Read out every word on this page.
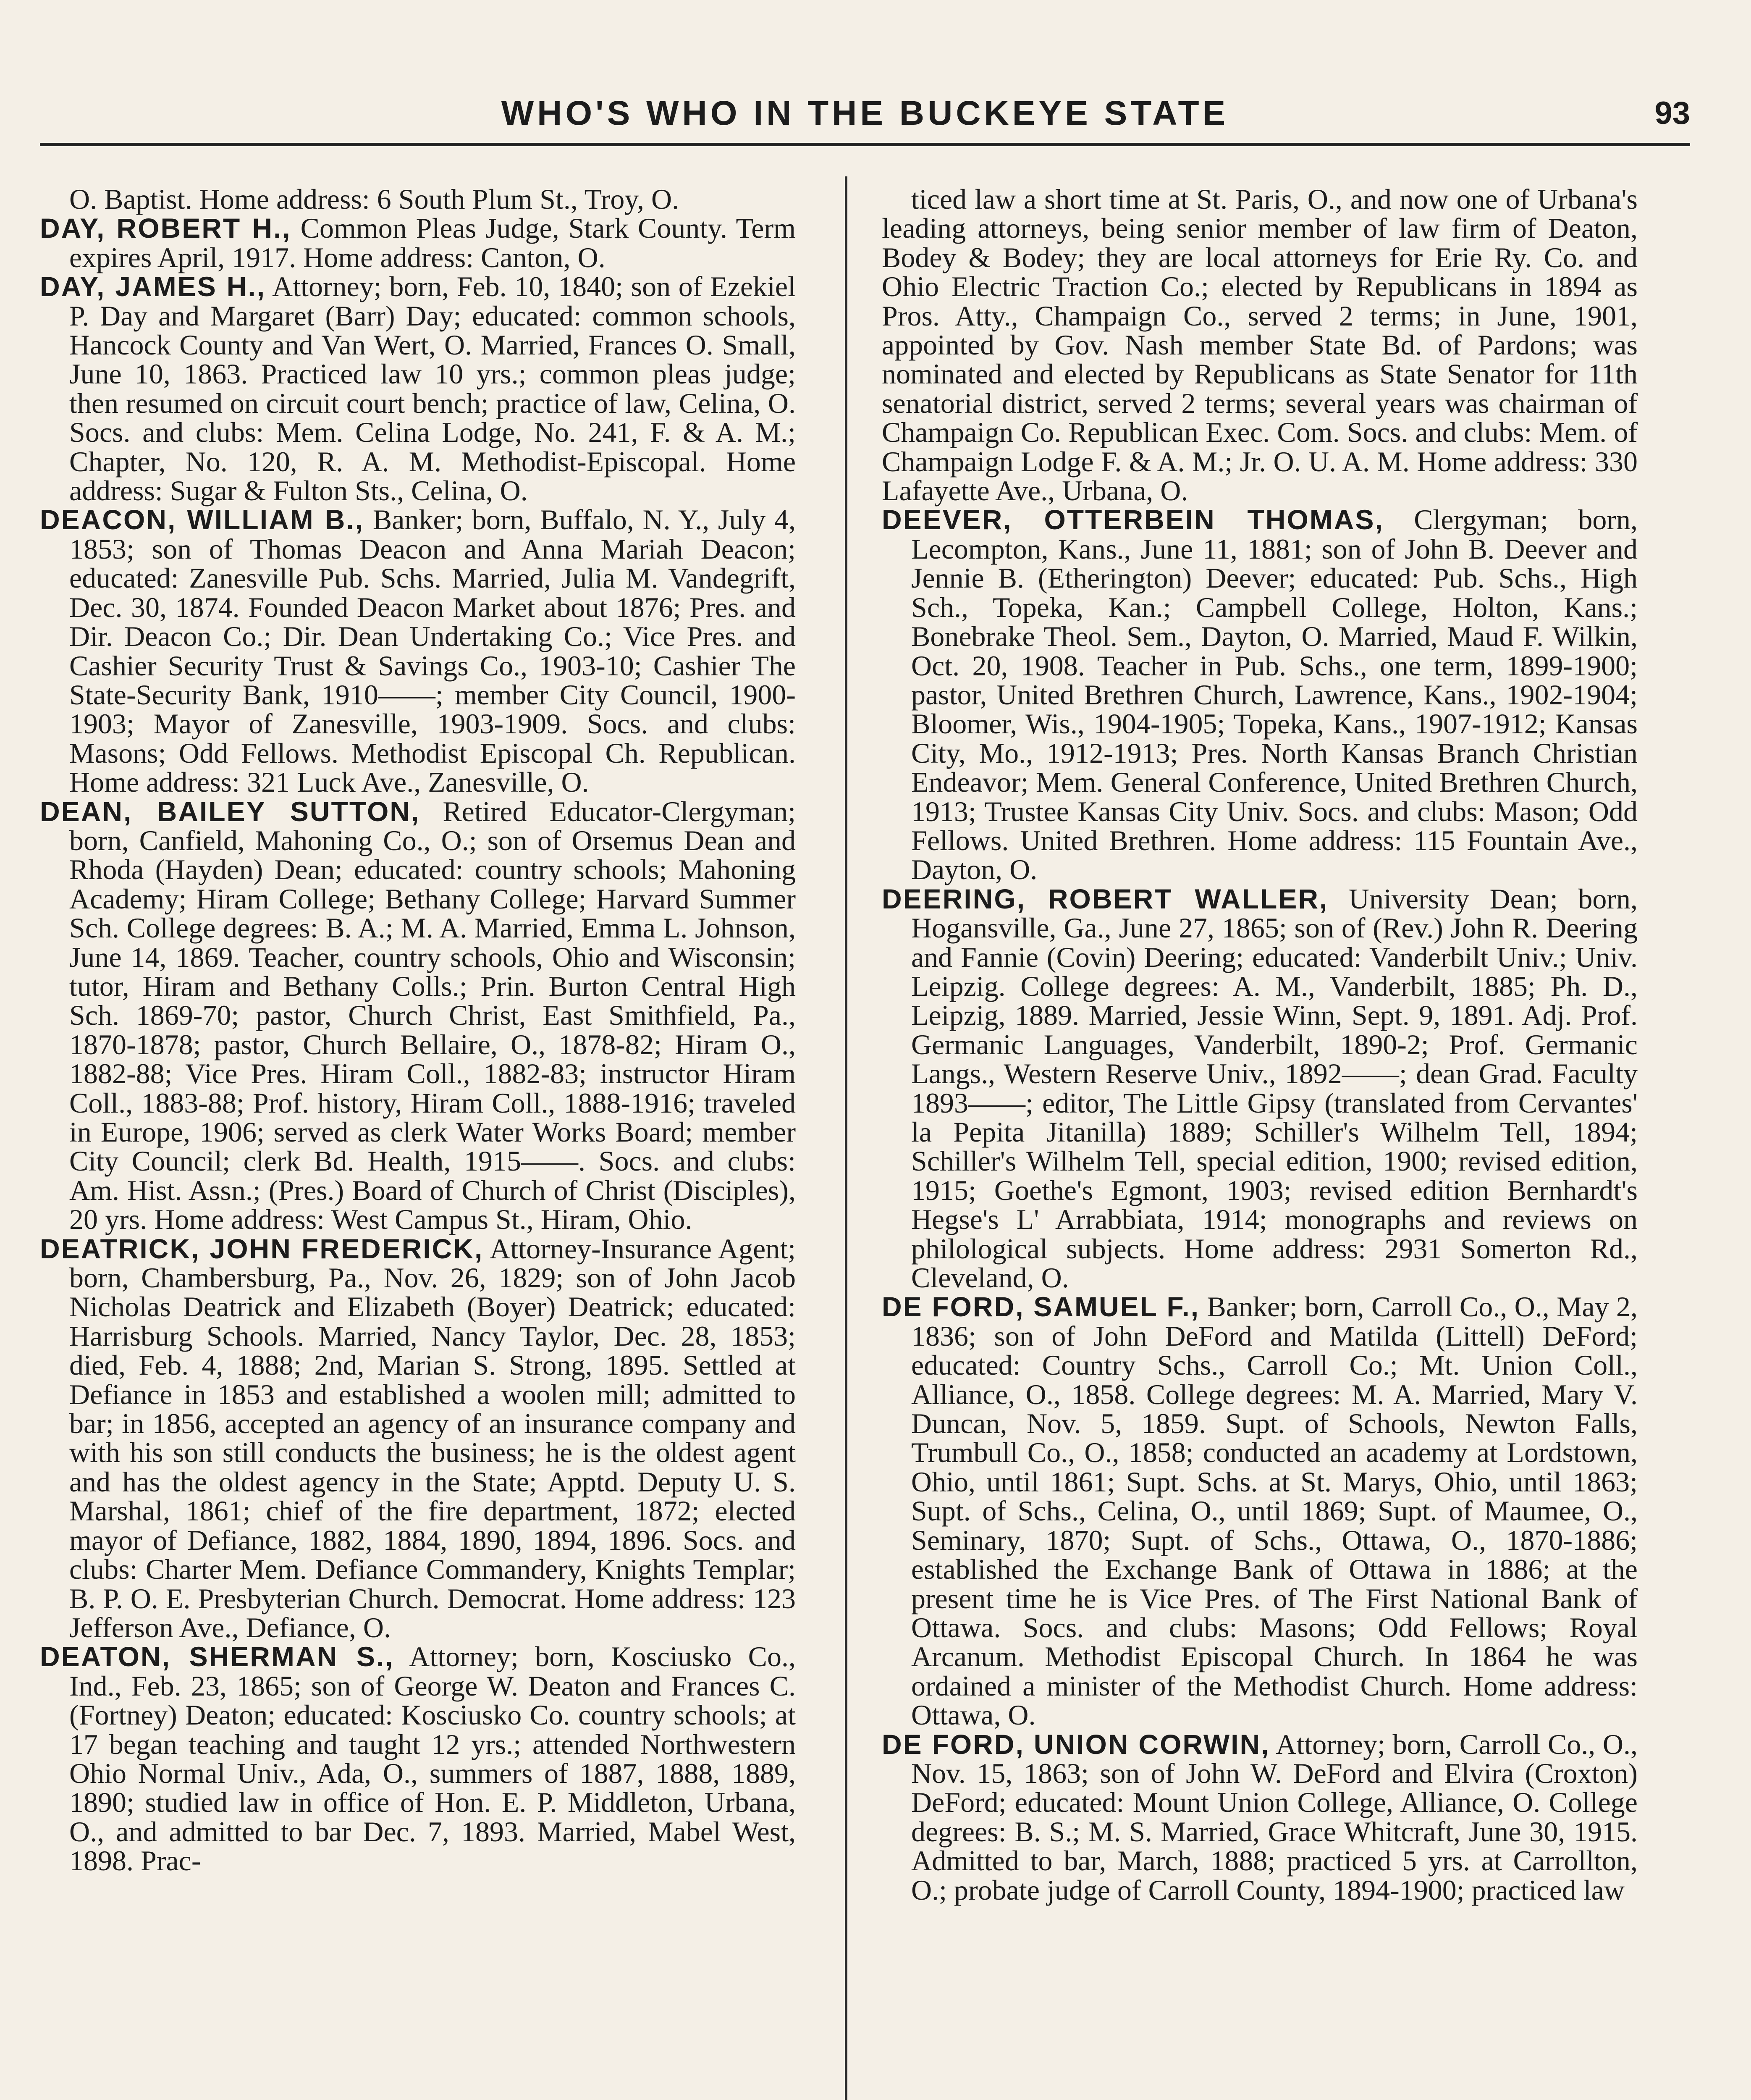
WHO'S WHO IN THE BUCKEYE STATE	93

O. Baptist. Home address: 6 South Plum St., Troy, O.

DAY, ROBERT H., Common Pleas Judge, Stark County. Term expires April, 1917. Home address: Canton, O.

DAY, JAMES H., Attorney; born, Feb. 10, 1840; son of Ezekiel P. Day and Margaret (Barr) Day; educated: common schools, Hancock County and Van Wert, O. Married, Frances O. Small, June 10, 1863. Practiced law 10 yrs.; common pleas judge; then resumed on circuit court bench; practice of law, Celina, O. Socs. and clubs: Mem. Celina Lodge, No. 241, F. & A. M.; Chapter, No. 120, R. A. M. Methodist-Episcopal. Home address: Sugar & Fulton Sts., Celina, O.

DEACON, WILLIAM B., Banker; born, Buffalo, N. Y., July 4, 1853; son of Thomas Deacon and Anna Mariah Deacon; educated: Zanesville Pub. Schs. Married, Julia M. Vandegrift, Dec. 30, 1874. Founded Deacon Market about 1876; Pres. and Dir. Deacon Co.; Dir. Dean Undertaking Co.; Vice Pres. and Cashier Security Trust & Savings Co., 1903-10; Cashier The State-Security Bank, 1910——; member City Council, 1900-1903; Mayor of Zanesville, 1903-1909. Socs. and clubs: Masons; Odd Fellows. Methodist Episcopal Ch. Republican. Home address: 321 Luck Ave., Zanesville, O.

DEAN, BAILEY SUTTON, Retired Educator-Clergyman; born, Canfield, Mahoning Co., O.; son of Orsemus Dean and Rhoda (Hayden) Dean; educated: country schools; Mahoning Academy; Hiram College; Bethany College; Harvard Summer Sch. College degrees: B. A.; M. A. Married, Emma L. Johnson, June 14, 1869. Teacher, country schools, Ohio and Wisconsin; tutor, Hiram and Bethany Colls.; Prin. Burton Central High Sch. 1869-70; pastor, Church Christ, East Smithfield, Pa., 1870-1878; pastor, Church Bellaire, O., 1878-82; Hiram O., 1882-88; Vice Pres. Hiram Coll., 1882-83; instructor Hiram Coll., 1883-88; Prof. history, Hiram Coll., 1888-1916; traveled in Europe, 1906; served as clerk Water Works Board; member City Council; clerk Bd. Health, 1915——. Socs. and clubs: Am. Hist. Assn.; (Pres.) Board of Church of Christ (Disciples), 20 yrs. Home address: West Campus St., Hiram, Ohio.

DEATRICK, JOHN FREDERICK, Attorney-Insurance Agent; born, Chambersburg, Pa., Nov. 26, 1829; son of John Jacob Nicholas Deatrick and Elizabeth (Boyer) Deatrick; educated: Harrisburg Schools. Married, Nancy Taylor, Dec. 28, 1853; died, Feb. 4, 1888; 2nd, Marian S. Strong, 1895. Settled at Defiance in 1853 and established a woolen mill; admitted to bar; in 1856, accepted an agency of an insurance company and with his son still conducts the business; he is the oldest agent and has the oldest agency in the State; Apptd. Deputy U. S. Marshal, 1861; chief of the fire department, 1872; elected mayor of Defiance, 1882, 1884, 1890, 1894, 1896. Socs. and clubs: Charter Mem. Defiance Commandery, Knights Templar; B. P. O. E. Presbyterian Church. Democrat. Home address: 123 Jefferson Ave., Defiance, O.

DEATON, SHERMAN S., Attorney; born, Kosciusko Co., Ind., Feb. 23, 1865; son of George W. Deaton and Frances C. (Fortney) Deaton; educated: Kosciusko Co. country schools; at 17 began teaching and taught 12 yrs.; attended Northwestern Ohio Normal Univ., Ada, O., summers of 1887, 1888, 1889, 1890; studied law in office of Hon. E. P. Middleton, Urbana, O., and admitted to bar Dec. 7, 1893. Married, Mabel West, 1898. Prac-

ticed law a short time at St. Paris, O., and now one of Urbana's leading attorneys, being senior member of law firm of Deaton, Bodey & Bodey; they are local attorneys for Erie Ry. Co. and Ohio Electric Traction Co.; elected by Republicans in 1894 as Pros. Atty., Champaign Co., served 2 terms; in June, 1901, appointed by Gov. Nash member State Bd. of Pardons; was nominated and elected by Republicans as State Senator for 11th senatorial district, served 2 terms; several years was chairman of Champaign Co. Republican Exec. Com. Socs. and clubs: Mem. of Champaign Lodge F. & A. M.; Jr. O. U. A. M. Home address: 330 Lafayette Ave., Urbana, O.

DEEVER, OTTERBEIN THOMAS, Clergyman; born, Lecompton, Kans., June 11, 1881; son of John B. Deever and Jennie B. (Etherington) Deever; educated: Pub. Schs., High Sch., Topeka, Kan.; Campbell College, Holton, Kans.; Bonebrake Theol. Sem., Dayton, O. Married, Maud F. Wilkin, Oct. 20, 1908. Teacher in Pub. Schs., one term, 1899-1900; pastor, United Brethren Church, Lawrence, Kans., 1902-1904; Bloomer, Wis., 1904-1905; Topeka, Kans., 1907-1912; Kansas City, Mo., 1912-1913; Pres. North Kansas Branch Christian Endeavor; Mem. General Conference, United Brethren Church, 1913; Trustee Kansas City Univ. Socs. and clubs: Mason; Odd Fellows. United Brethren. Home address: 115 Fountain Ave., Dayton, O.

DEERING, ROBERT WALLER, University Dean; born, Hogansville, Ga., June 27, 1865; son of (Rev.) John R. Deering and Fannie (Covin) Deering; educated: Vanderbilt Univ.; Univ. Leipzig. College degrees: A. M., Vanderbilt, 1885; Ph. D., Leipzig, 1889. Married, Jessie Winn, Sept. 9, 1891. Adj. Prof. Germanic Languages, Vanderbilt, 1890-2; Prof. Germanic Langs., Western Reserve Univ., 1892——; dean Grad. Faculty 1893——; editor, The Little Gipsy (translated from Cervantes' la Pepita Jitanilla) 1889; Schiller's Wilhelm Tell, 1894; Schiller's Wilhelm Tell, special edition, 1900; revised edition, 1915; Goethe's Egmont, 1903; revised edition Bernhardt's Hegse's L' Arrabbiata, 1914; monographs and reviews on philological subjects. Home address: 2931 Somerton Rd., Cleveland, O.

DE FORD, SAMUEL F., Banker; born, Carroll Co., O., May 2, 1836; son of John DeFord and Matilda (Littell) DeFord; educated: Country Schs., Carroll Co.; Mt. Union Coll., Alliance, O., 1858. College degrees: M. A. Married, Mary V. Duncan, Nov. 5, 1859. Supt. of Schools, Newton Falls, Trumbull Co., O., 1858; conducted an academy at Lordstown, Ohio, until 1861; Supt. Schs. at St. Marys, Ohio, until 1863; Supt. of Schs., Celina, O., until 1869; Supt. of Maumee, O., Seminary, 1870; Supt. of Schs., Ottawa, O., 1870-1886; established the Exchange Bank of Ottawa in 1886; at the present time he is Vice Pres. of The First National Bank of Ottawa. Socs. and clubs: Masons; Odd Fellows; Royal Arcanum. Methodist Episcopal Church. In 1864 he was ordained a minister of the Methodist Church. Home address: Ottawa, O.

DE FORD, UNION CORWIN, Attorney; born, Carroll Co., O., Nov. 15, 1863; son of John W. DeFord and Elvira (Croxton) DeFord; educated: Mount Union College, Alliance, O. College degrees: B. S.; M. S. Married, Grace Whitcraft, June 30, 1915. Admitted to bar, March, 1888; practiced 5 yrs. at Carrollton, O.; probate judge of Carroll County, 1894-1900; practiced law
